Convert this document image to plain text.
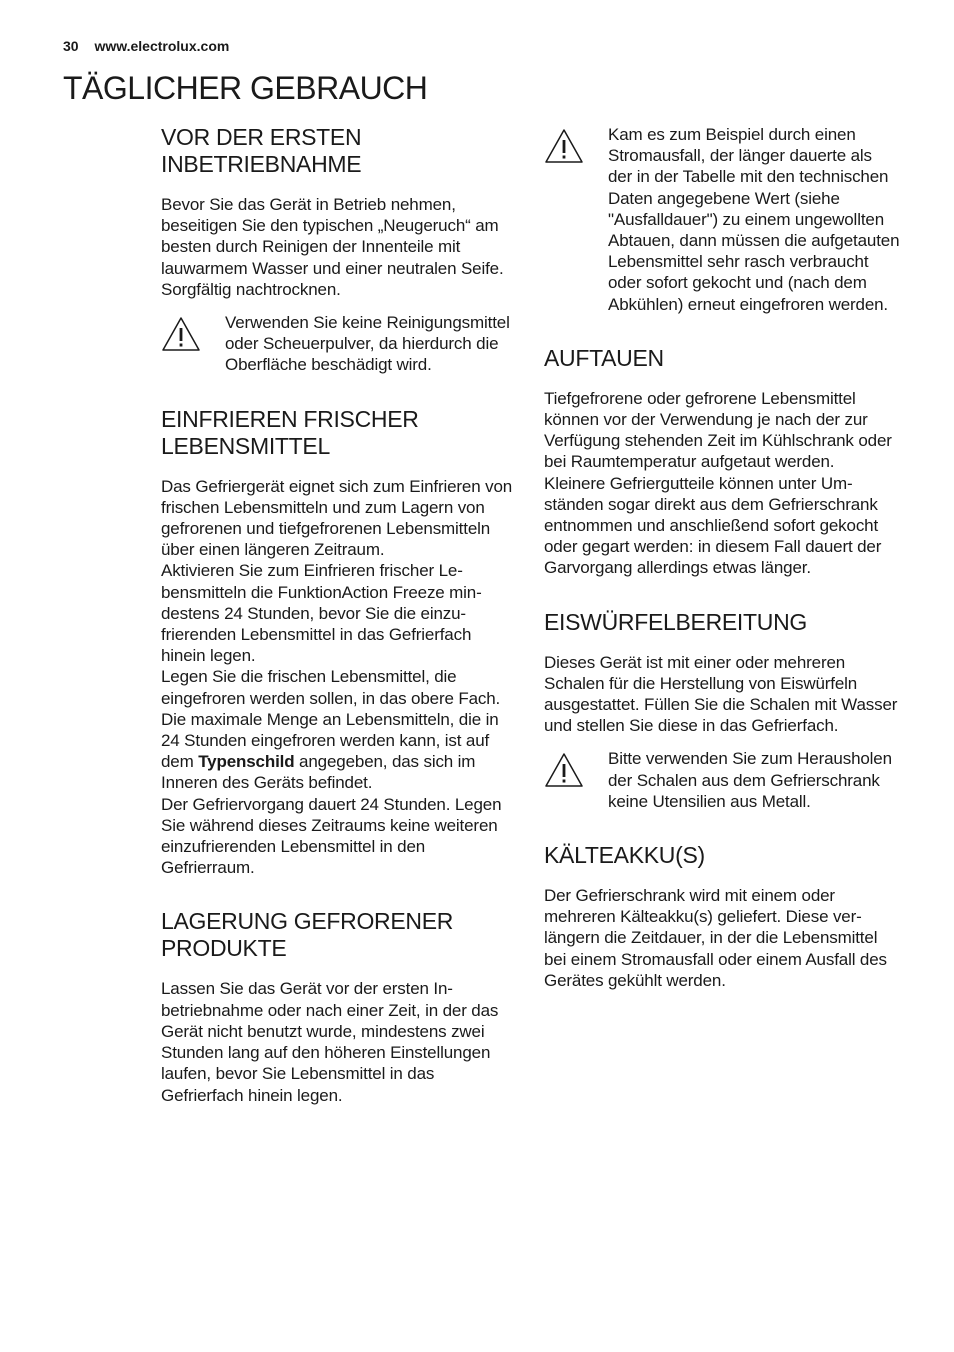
30 www.electrolux.com
TÄGLICHER GEBRAUCH
VOR DER ERSTEN INBETRIEBNAHME

Bevor Sie das Gerät in Betrieb nehmen, beseitigen Sie den typischen „Neugeruch“ am besten durch Reinigen der Innenteile mit lauwarmem Wasser und einer neutralen Seife. Sorgfältig nachtrocknen.

Verwenden Sie keine Reinigungsmittel oder Scheuerpulver, da hierdurch die Oberfläche beschädigt wird.

EINFRIEREN FRISCHER LEBENSMITTEL

Das Gefriergerät eignet sich zum Einfrieren von frischen Lebensmitteln und zum Lagern von gefrorenen und tiefgefrorenen Lebensmitteln über einen längeren Zeitraum.

Aktivieren Sie zum Einfrieren frischer Lebensmitteln die FunktionAction Freeze mindestens 24 Stunden, bevor Sie die einzufrierenden Lebensmittel in das Gefrierfach hinein legen.

Legen Sie die frischen Lebensmittel, die eingefroren werden sollen, in das obere Fach.

Die maximale Menge an Lebensmitteln, die in 24 Stunden eingefroren werden kann, ist auf dem Typenschild angegeben, das sich im Inneren des Geräts befindet.

Der Gefriervorgang dauert 24 Stunden. Legen Sie während dieses Zeitraums keine weiteren einzufrierenden Lebensmittel in den Gefrierraum.

LAGERUNG GEFRORENER PRODUKTE

Lassen Sie das Gerät vor der ersten Inbetriebnahme oder nach einer Zeit, in der das Gerät nicht benutzt wurde, mindestens zwei Stunden lang auf den höheren Einstellungen laufen, bevor Sie Lebensmittel in das Gefrierfach hinein legen.

Kam es zum Beispiel durch einen Stromausfall, der länger dauerte als der in der Tabelle mit den technischen Daten angegebene Wert (siehe "Ausfalldauer") zu einem ungewollten Abtauen, dann müssen die aufgetauten Lebensmittel sehr rasch verbraucht oder sofort gekocht und (nach dem Abkühlen) erneut eingefroren werden.

AUFTAUEN

Tiefgefrorene oder gefrorene Lebensmittel können vor der Verwendung je nach der zur Verfügung stehenden Zeit im Kühlschrank oder bei Raumtemperatur aufgetaut werden.

Kleinere Gefriergutteile können unter Umständen sogar direkt aus dem Gefrierschrank entnommen und anschließend sofort gekocht oder gegart werden: in diesem Fall dauert der Garvorgang allerdings etwas länger.

EISWÜRFELBEREITUNG

Dieses Gerät ist mit einer oder mehreren Schalen für die Herstellung von Eiswürfeln ausgestattet. Füllen Sie die Schalen mit Wasser und stellen Sie diese in das Gefrierfach.

Bitte verwenden Sie zum Herausholen der Schalen aus dem Gefrierschrank keine Utensilien aus Metall.

KÄLTEAKKU(S)

Der Gefrierschrank wird mit einem oder mehreren Kälteakku(s) geliefert. Diese verlängern die Zeitdauer, in der die Lebensmittel bei einem Stromausfall oder einem Ausfall des Gerätes gekühlt werden.
